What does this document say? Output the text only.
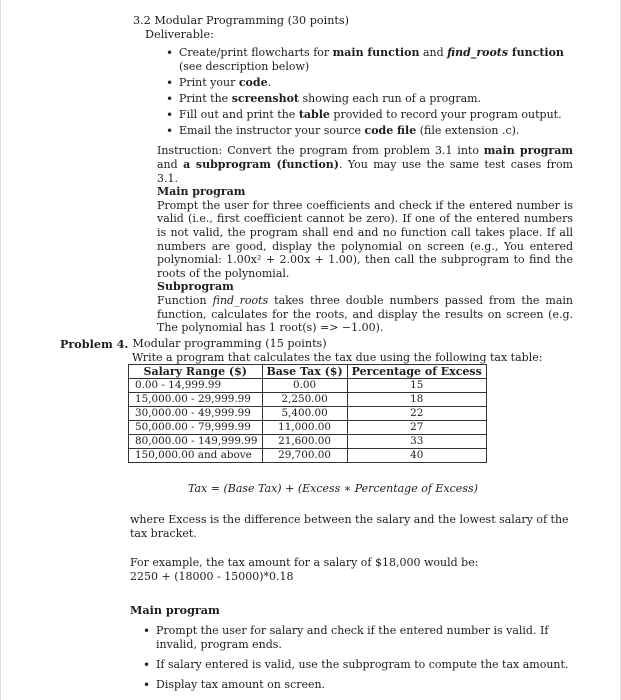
3.2 Modular Programming (30 points)
Deliverable:
• Create/print flowcharts for main function and find_roots function (see description below)
• Print your code.
• Print the screenshot showing each run of a program.
• Fill out and print the table provided to record your program output.
• Email the instructor your source code file (file extension .c).

Instruction: Convert the program from problem 3.1 into main program and a subprogram (function). You may use the same test cases from 3.1.

Main program

Prompt the user for three coefficients and check if the entered number is valid (i.e., first coefficient cannot be zero). If one of the entered numbers is not valid, the program shall end and no function call takes place. If all numbers are good, display the polynomial on screen (e.g., You entered polynomial: 1.00x² + 2.00x + 1.00), then call the subprogram to find the roots of the polynomial.

Subprogram

Function find_roots takes three double numbers passed from the main function, calculates for the roots, and display the results on screen (e.g. The polynomial has 1 root(s) => −1.00).

Problem 4. Modular programming (15 points)
Write a program that calculates the tax due using the following tax table:
Salary Range ($)	Base Tax ($)	Percentage of Excess
0.00 - 14,999.99	0.00	15
15,000.00 - 29,999.99	2,250.00	18
30,000.00 - 49,999.99	5,400.00	22
50,000.00 - 79,999.99	11,000.00	27
80,000.00 - 149,999.99	21,600.00	33
150,000.00 and above	29,700.00	40
Tax = (Base Tax) + (Excess ∗ Percentage of Excess)
where Excess is the difference between the salary and the lowest salary of the tax bracket.
For example, the tax amount for a salary of $18,000 would be:
2250 + (18000 - 15000)*0.18
Main program
• Prompt the user for salary and check if the entered number is valid. If invalid, program ends.
• If salary entered is valid, use the subprogram to compute the tax amount.
• Display tax amount on screen.
